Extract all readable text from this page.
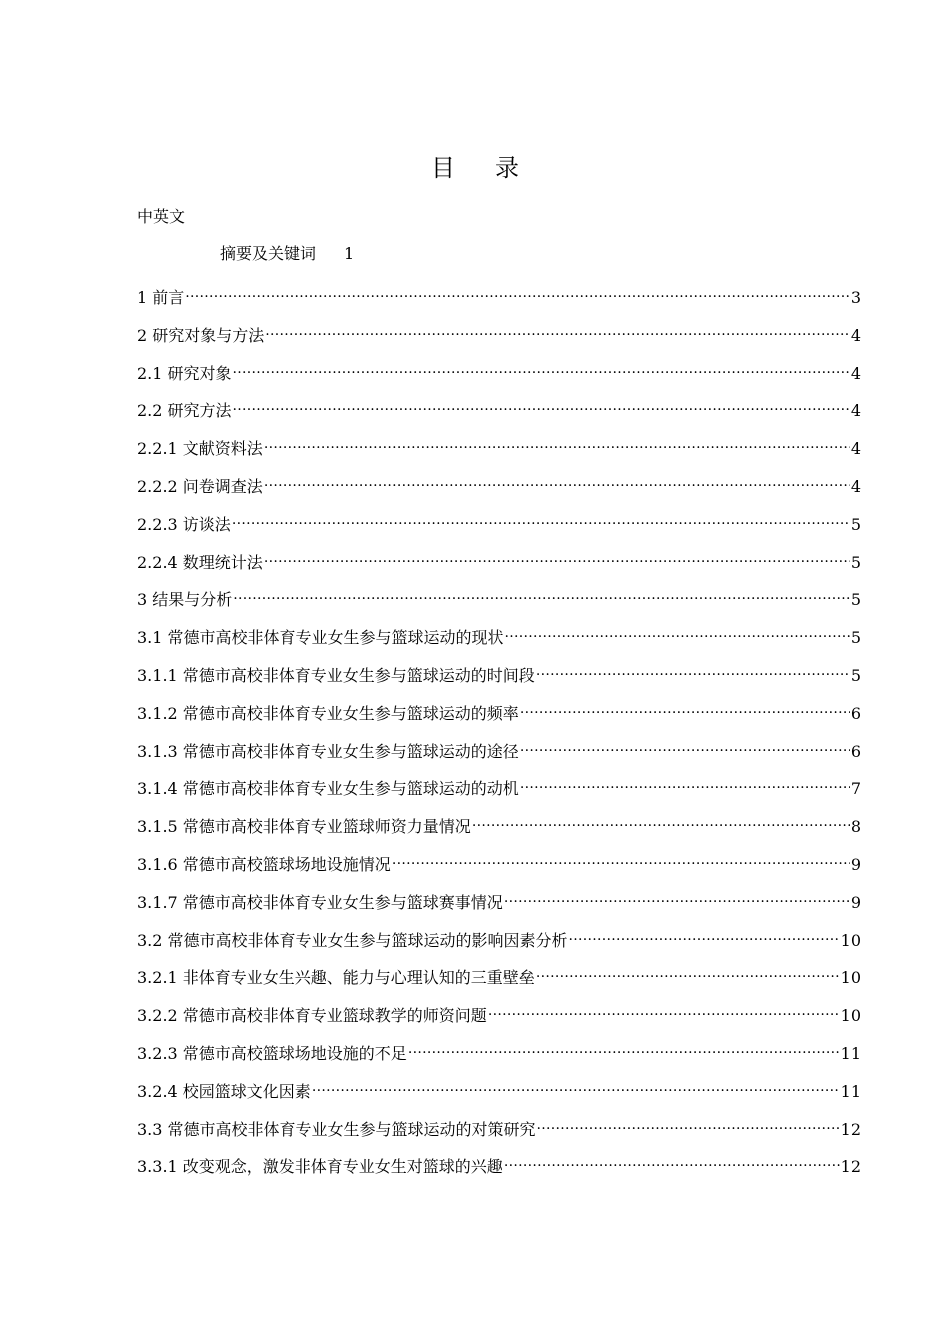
目 录
中英文
摘要及关键词 1
1 前言 .....	3
2 研究对象与方法 .....	4
2.1 研究对象 .....	4
2.2 研究方法 .....	4
2.2.1 文献资料法 .....	4
2.2.2 问卷调查法 .....	4
2.2.3 访谈法 .....	5
2.2.4 数理统计法 .....	5
3 结果与分析 .....	5
3.1 常德市高校非体育专业女生参与篮球运动的现状 .....	5
3.1.1 常德市高校非体育专业女生参与篮球运动的时间段 .....	5
3.1.2 常德市高校非体育专业女生参与篮球运动的频率 .....	6
3.1.3 常德市高校非体育专业女生参与篮球运动的途径 .....	6
3.1.4 常德市高校非体育专业女生参与篮球运动的动机 .....	7
3.1.5 常德市高校非体育专业篮球师资力量情况 .....	8
3.1.6 常德市高校篮球场地设施情况 .....	9
3.1.7 常德市高校非体育专业女生参与篮球赛事情况 .....	9
3.2 常德市高校非体育专业女生参与篮球运动的影响因素分析 .....	10
3.2.1 非体育专业女生兴趣、能力与心理认知的三重壁垒 .....	10
3.2.2 常德市高校非体育专业篮球教学的师资问题 .....	10
3.2.3 常德市高校篮球场地设施的不足 .....	11
3.2.4 校园篮球文化因素 .....	11
3.3 常德市高校非体育专业女生参与篮球运动的对策研究 .....	12
3.3.1 改变观念，激发非体育专业女生对篮球的兴趣 .....	12
